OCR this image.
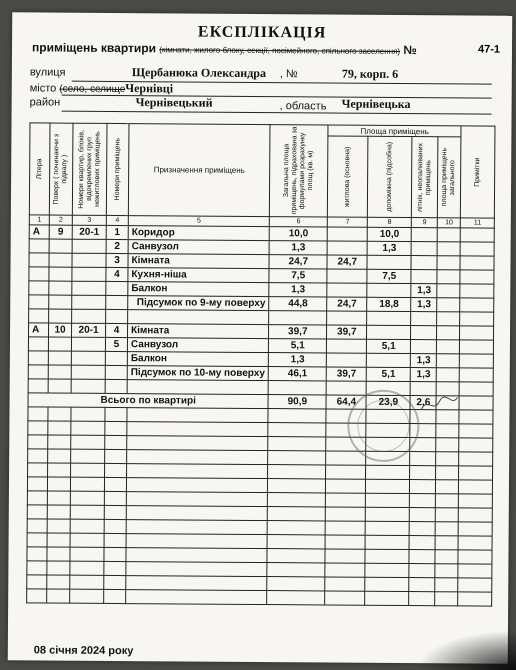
ЕКСПЛІКАЦІЯ
приміщень квартири (кімнати, жилого блоку, секції, посімейного, спільного заселення) №	47-1
вулиця	Щербанюка Олександра , №	79, корп. 6
місто (село, селищеЧернівці
район	Чернівецький	, область Чернівецька
Літера	Поверх ( починаючи з підвалу )	Номери квартир, блоків, відокремлених груп нежитлових приміщень	Номери приміщень	Призначення приміщень	Загальна площа приміщень, підрахована за формулами розрахунку площ (кв. м)	Площа приміщень				Примітки

						житлова (основна)	допоміжна (підсобна)	літніх, неопалюваних приміщень	площа приміщень загального	

1	2	3	4	5	6	7	8	9	10	11
А	9	20-1	1	Коридор	10,0		10,0			
			2	Санвузол	1,3		1,3			
			3	Кімната	24,7	24,7				
			4	Кухня-ніша	7,5		7,5			
				Балкон	1,3			1,3		
				Підсумок по 9-му поверху	44,8	24,7	18,8	1,3		

А	10	20-1	4	Кімната	39,7	39,7				
			5	Санвузол	5,1		5,1			
				Балкон	1,3			1,3		
				Підсумок по 10-му поверху	46,1	39,7	5,1	1,3		

Всього по квартирі					90,9	64,4	23,9	2,6		

08 січня 2024 року
